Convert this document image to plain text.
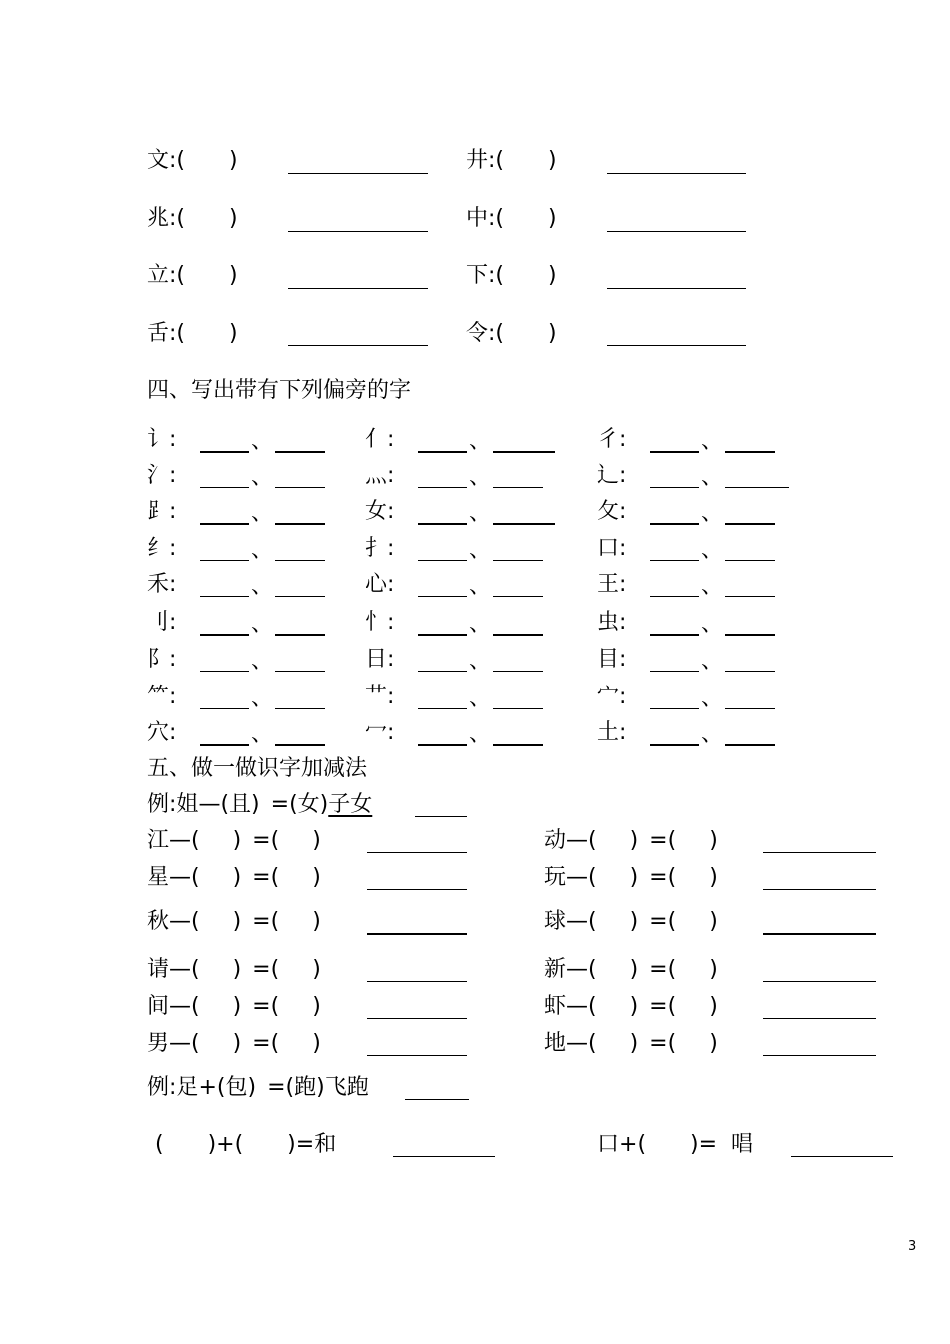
文:(  )	井:(  )
兆:(  )	中:(  )
立:(  )	下:(  )
舌:(  )	令:(  )
四、写出带有下列偏旁的字
讠:	、	亻:	、	彳:	、
氵:	、	灬:	、	辶:	、
⻊:	、	女:	、	攵:	、
纟:	、	扌:	、	口:	、
禾:	、	心:	、	王:	、
刂:	、	忄:	、	虫:	、
阝:	、	日:	、	目:	、
⺮:	、	艹:	、	宀:	、
穴:	、	冖:	、	土:	、
五、做一做识字加减法
例:姐—(且) =(女)子女
江—(  ) =(  )	动—(  ) =(  )
星—(  ) =(  )	玩—(  ) =(  )
秋—(  ) =(  )	球—(  ) =(  )
请—(  ) =(  )	新—(  ) =(  )
间—(  ) =(  )	虾—(  ) =(  )
男—(  ) =(  )	地—(  ) =(  )
例:足+(包) =(跑)飞跑
(  )+(  )=和	口+(  )=  唱
3
